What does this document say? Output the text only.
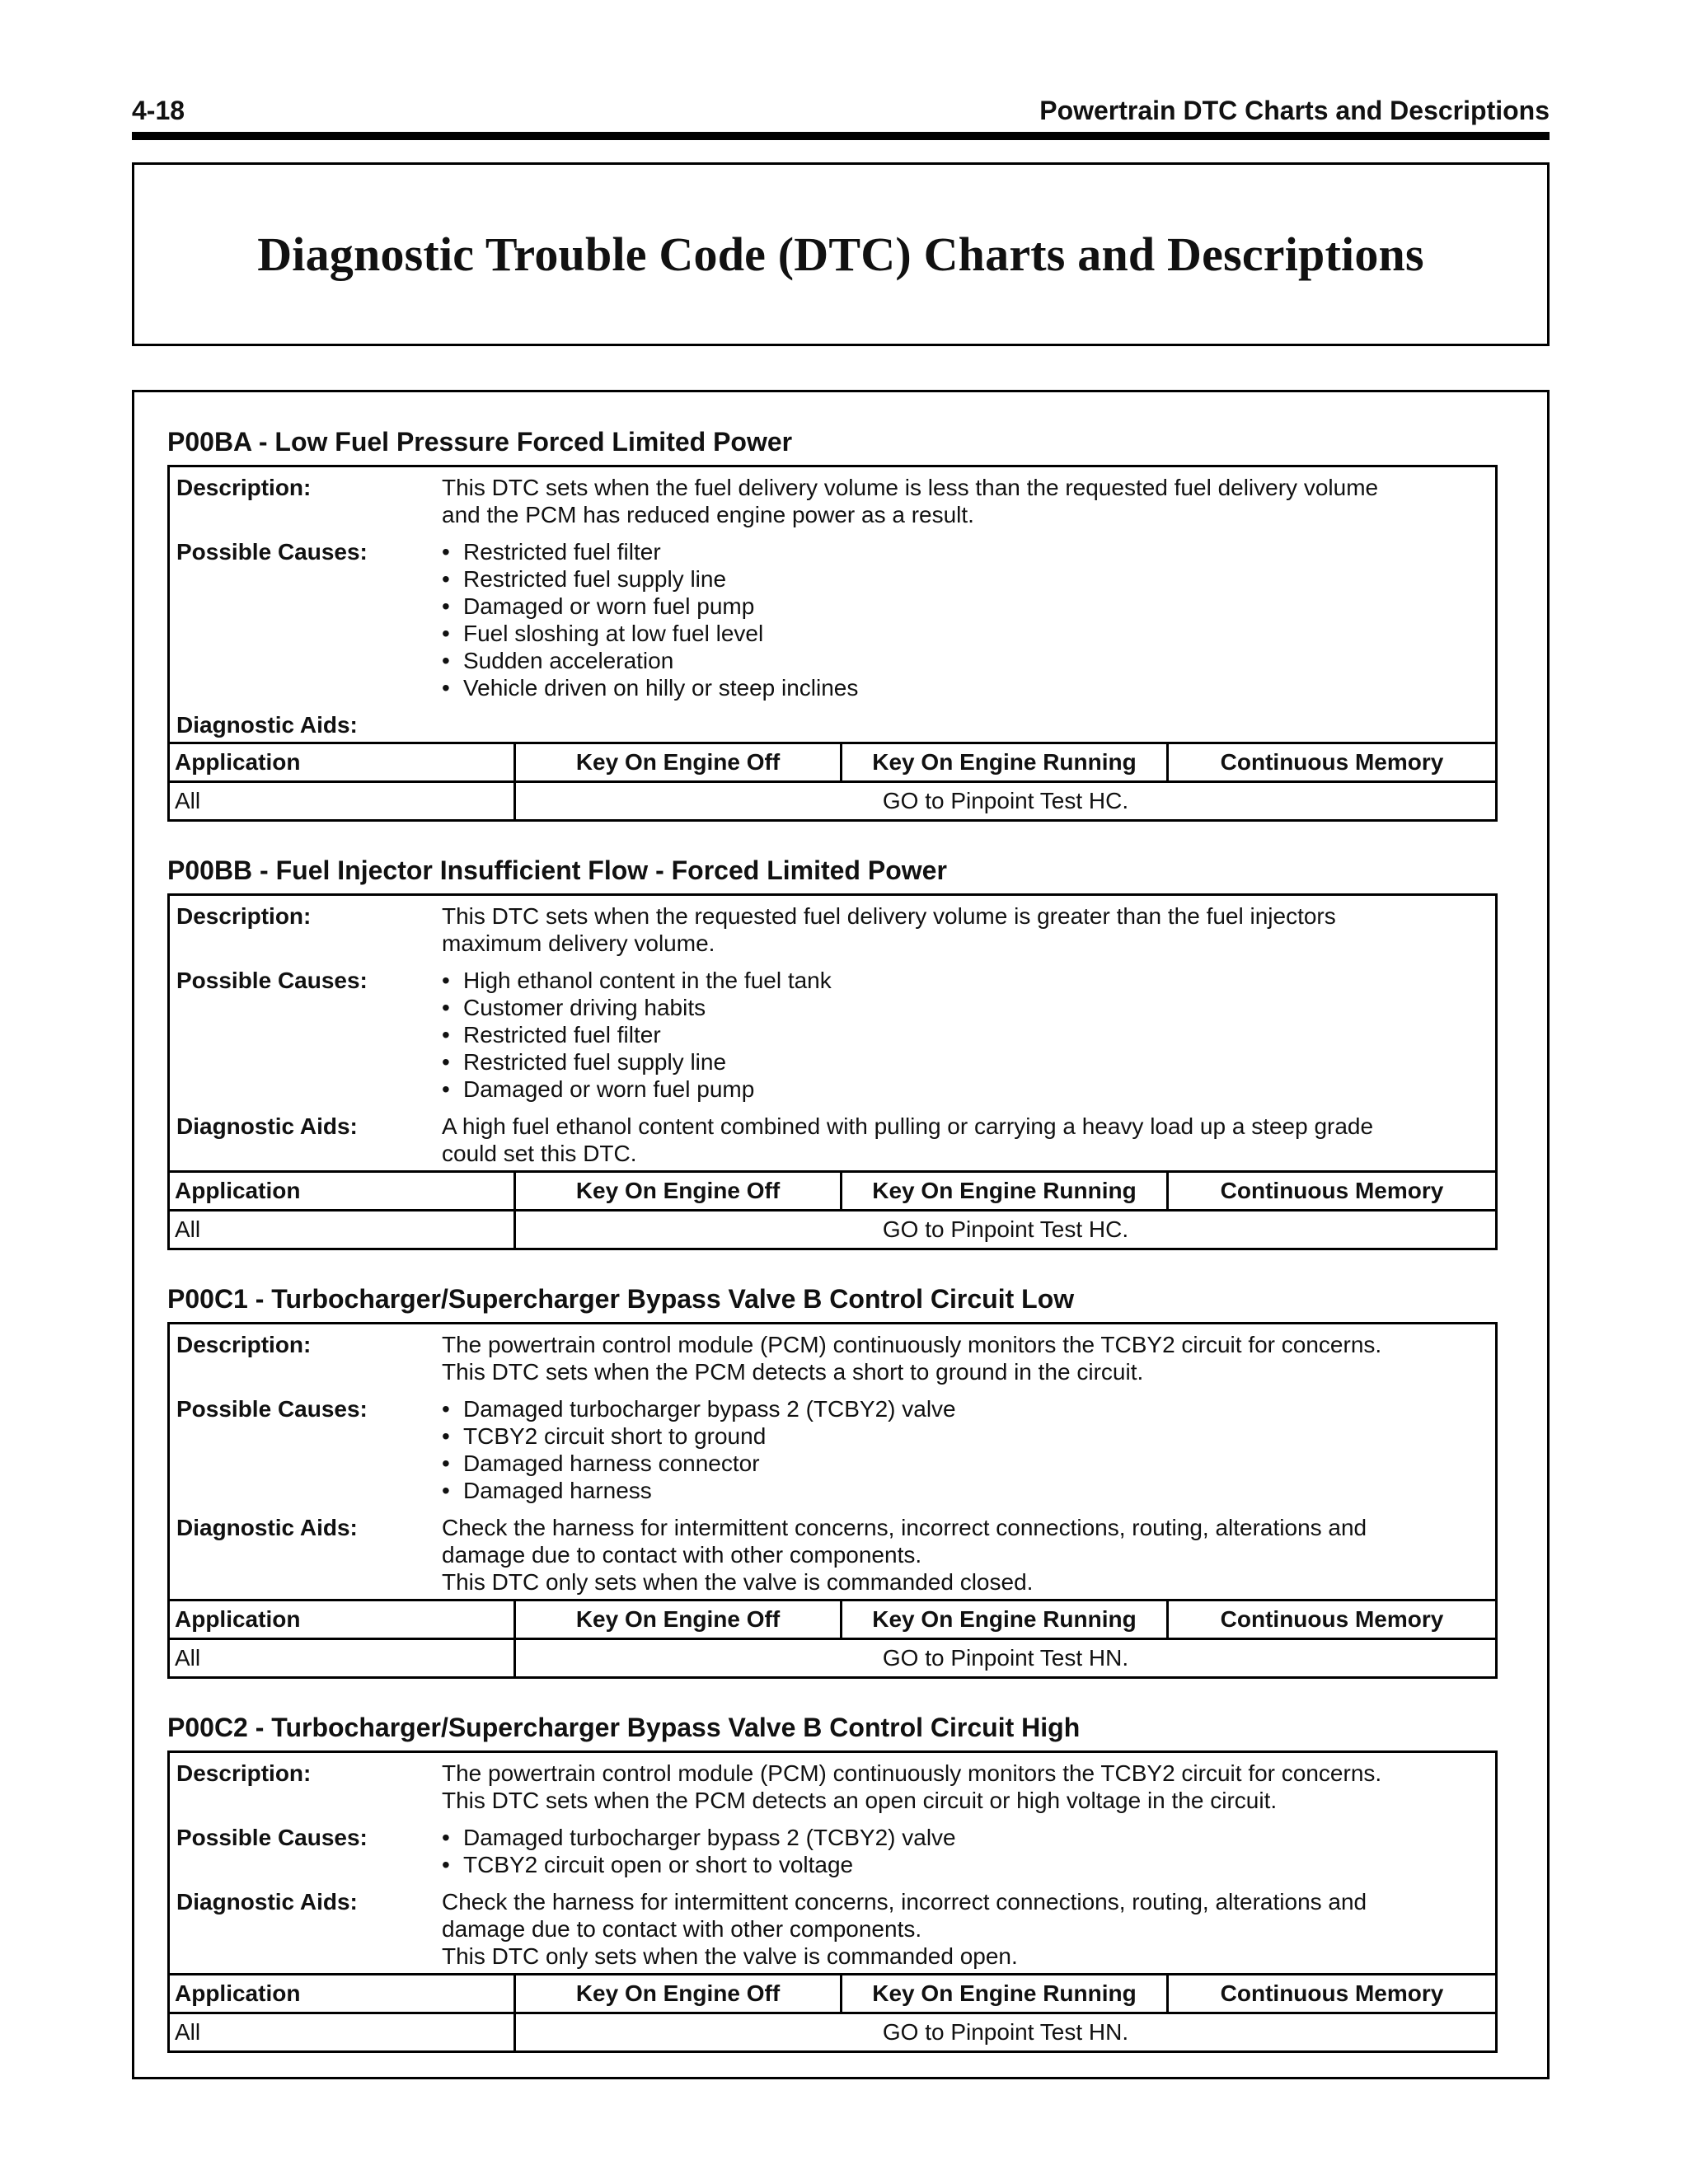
4-18	Powertrain DTC Charts and Descriptions
Diagnostic Trouble Code (DTC) Charts and Descriptions
P00BA - Low Fuel Pressure Forced Limited Power
Description:	This DTC sets when the fuel delivery volume is less than the requested fuel delivery volume
and the PCM has reduced engine power as a result.
Possible Causes:	• Restricted fuel filter
• Restricted fuel supply line
• Damaged or worn fuel pump
• Fuel sloshing at low fuel level
• Sudden acceleration
• Vehicle driven on hilly or steep inclines
Diagnostic Aids:
Application	Key On Engine Off	Key On Engine Running	Continuous Memory
All	GO to Pinpoint Test HC.
P00BB - Fuel Injector Insufficient Flow - Forced Limited Power
Description:	This DTC sets when the requested fuel delivery volume is greater than the fuel injectors
maximum delivery volume.
Possible Causes:	• High ethanol content in the fuel tank
• Customer driving habits
• Restricted fuel filter
• Restricted fuel supply line
• Damaged or worn fuel pump
Diagnostic Aids:	A high fuel ethanol content combined with pulling or carrying a heavy load up a steep grade
could set this DTC.
Application	Key On Engine Off	Key On Engine Running	Continuous Memory
All	GO to Pinpoint Test HC.
P00C1 - Turbocharger/Supercharger Bypass Valve B Control Circuit Low
Description:	The powertrain control module (PCM) continuously monitors the TCBY2 circuit for concerns.
This DTC sets when the PCM detects a short to ground in the circuit.
Possible Causes:	• Damaged turbocharger bypass 2 (TCBY2) valve
• TCBY2 circuit short to ground
• Damaged harness connector
• Damaged harness
Diagnostic Aids:	Check the harness for intermittent concerns, incorrect connections, routing, alterations and
damage due to contact with other components.
This DTC only sets when the valve is commanded closed.
Application	Key On Engine Off	Key On Engine Running	Continuous Memory
All	GO to Pinpoint Test HN.
P00C2 - Turbocharger/Supercharger Bypass Valve B Control Circuit High
Description:	The powertrain control module (PCM) continuously monitors the TCBY2 circuit for concerns.
This DTC sets when the PCM detects an open circuit or high voltage in the circuit.
Possible Causes:	• Damaged turbocharger bypass 2 (TCBY2) valve
• TCBY2 circuit open or short to voltage
Diagnostic Aids:	Check the harness for intermittent concerns, incorrect connections, routing, alterations and
damage due to contact with other components.
This DTC only sets when the valve is commanded open.
Application	Key On Engine Off	Key On Engine Running	Continuous Memory
All	GO to Pinpoint Test HN.
